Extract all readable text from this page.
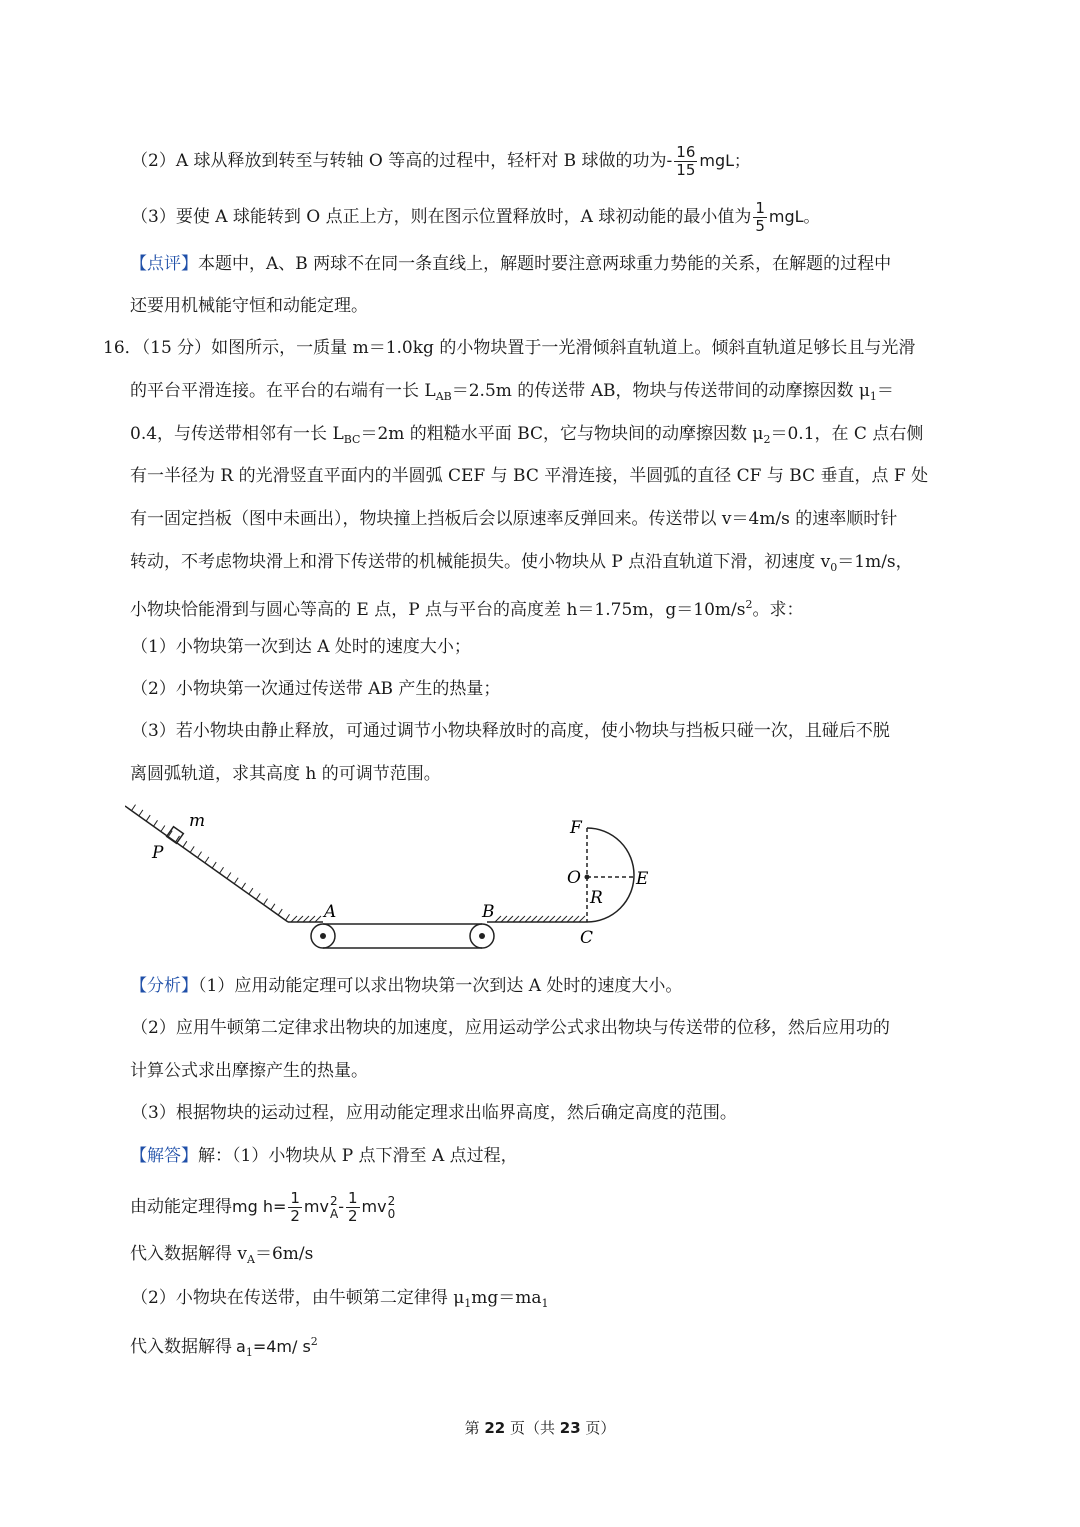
（2）A 球从释放到转至与转轴 O 等高的过程中，轻杆对 B 球做的功为- $\frac{16}{15}$ mgL；
（3）要使 A 球能转到 O 点正上方，则在图示位置释放时，A 球初动能的最小值为 $\frac{1}{5}$ mgL。
【点评】本题中，A、B 两球不在同一条直线上，解题时要注意两球重力势能的关系，在解题的过程中
还要用机械能守恒和动能定理。
16．（15 分）如图所示，一质量 m＝1.0kg 的小物块置于一光滑倾斜直轨道上。倾斜直轨道足够长且与光滑
的平台平滑连接。在平台的右端有一长 $L_{AB}=2.5m$ 的传送带 AB，物块与传送带间的动摩擦因数 $\mu_1=$
0.4，与传送带相邻有一长 $L_{BC}=2m$ 的粗糙水平面 BC，它与物块间的动摩擦因数 $\mu_2=0.1$，在 C 点右侧
有一半径为 R 的光滑竖直平面内的半圆弧 CEF 与 BC 平滑连接，半圆弧的直径 CF 与 BC 垂直，点 F 处
有一固定挡板（图中未画出），物块撞上挡板后会以原速率反弹回来。传送带以 v＝4m/s 的速率顺时针
转动，不考虑物块滑上和滑下传送带的机械能损失。使小物块从 P 点沿直轨道下滑，初速度 $v_0=1m/s$，
小物块恰能滑到与圆心等高的 E 点，P 点与平台的高度差 h＝1.75m，$g=10m/s^2$。求：
（1）小物块第一次到达 A 处时的速度大小；
（2）小物块第一次通过传送带 AB 产生的热量；
（3）若小物块由静止释放，可通过调节小物块释放时的高度，使小物块与挡板只碰一次，且碰后不脱
离圆弧轨道，求其高度 h 的可调节范围。
m
P
A	B
C
F
O	E
R
【分析】（1）应用动能定理可以求出物块第一次到达 A 处时的速度大小。
（2）应用牛顿第二定律求出物块的加速度，应用运动学公式求出物块与传送带的位移，然后应用功的
计算公式求出摩擦产生的热量。
（3）根据物块的运动过程，应用动能定理求出临界高度，然后确定高度的范围。
【解答】解：（1）小物块从 P 点下滑至 A 点过程，
由动能定理得mg $h= \frac{1}{2}$ mv 2
A - $\frac{1}{2}$ mv 2
0
代入数据解得 $v_A=6m/s$
（2）小物块在传送带，由牛顿第二定律得 $\mu_1mg=ma_1$
代入数据解得 $a_1=4m/$ $s^2$
第 22 页（共 23 页）
